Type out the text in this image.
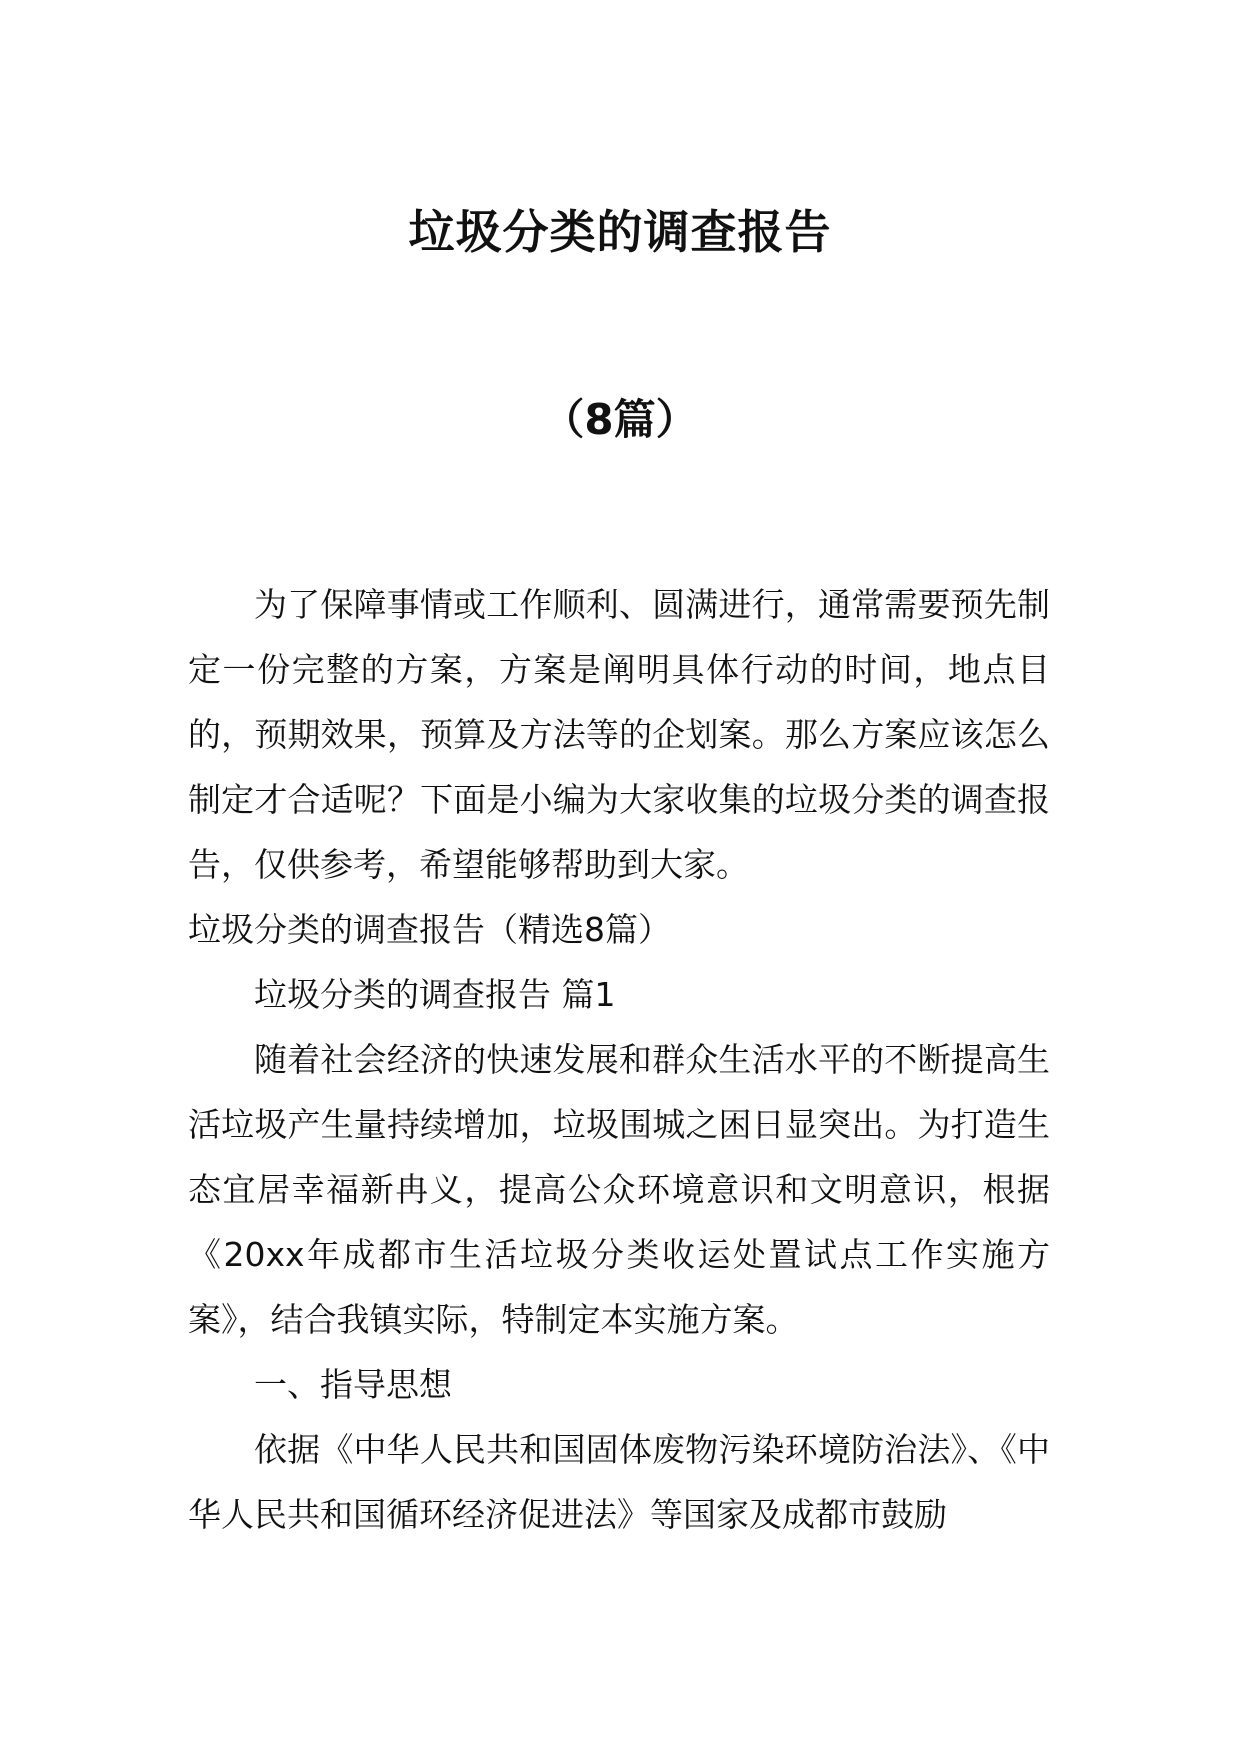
垃圾分类的调查报告
（8篇）

为了保障事情或工作顺利、圆满进行，通常需要预先制定一份完整的方案，方案是阐明具体行动的时间，地点目的，预期效果，预算及方法等的企划案。那么方案应该怎么制定才合适呢？下面是小编为大家收集的垃圾分类的调查报告，仅供参考，希望能够帮助到大家。

垃圾分类的调查报告（精选8篇）

垃圾分类的调查报告 篇1

随着社会经济的快速发展和群众生活水平的不断提高生活垃圾产生量持续增加，垃圾围城之困日显突出。为打造生态宜居幸福新冉义，提高公众环境意识和文明意识，根据《20xx年成都市生活垃圾分类收运处置试点工作实施方案》，结合我镇实际，特制定本实施方案。

一、指导思想

依据《中华人民共和国固体废物污染环境防治法》、《中华人民共和国循环经济促进法》等国家及成都市鼓励
